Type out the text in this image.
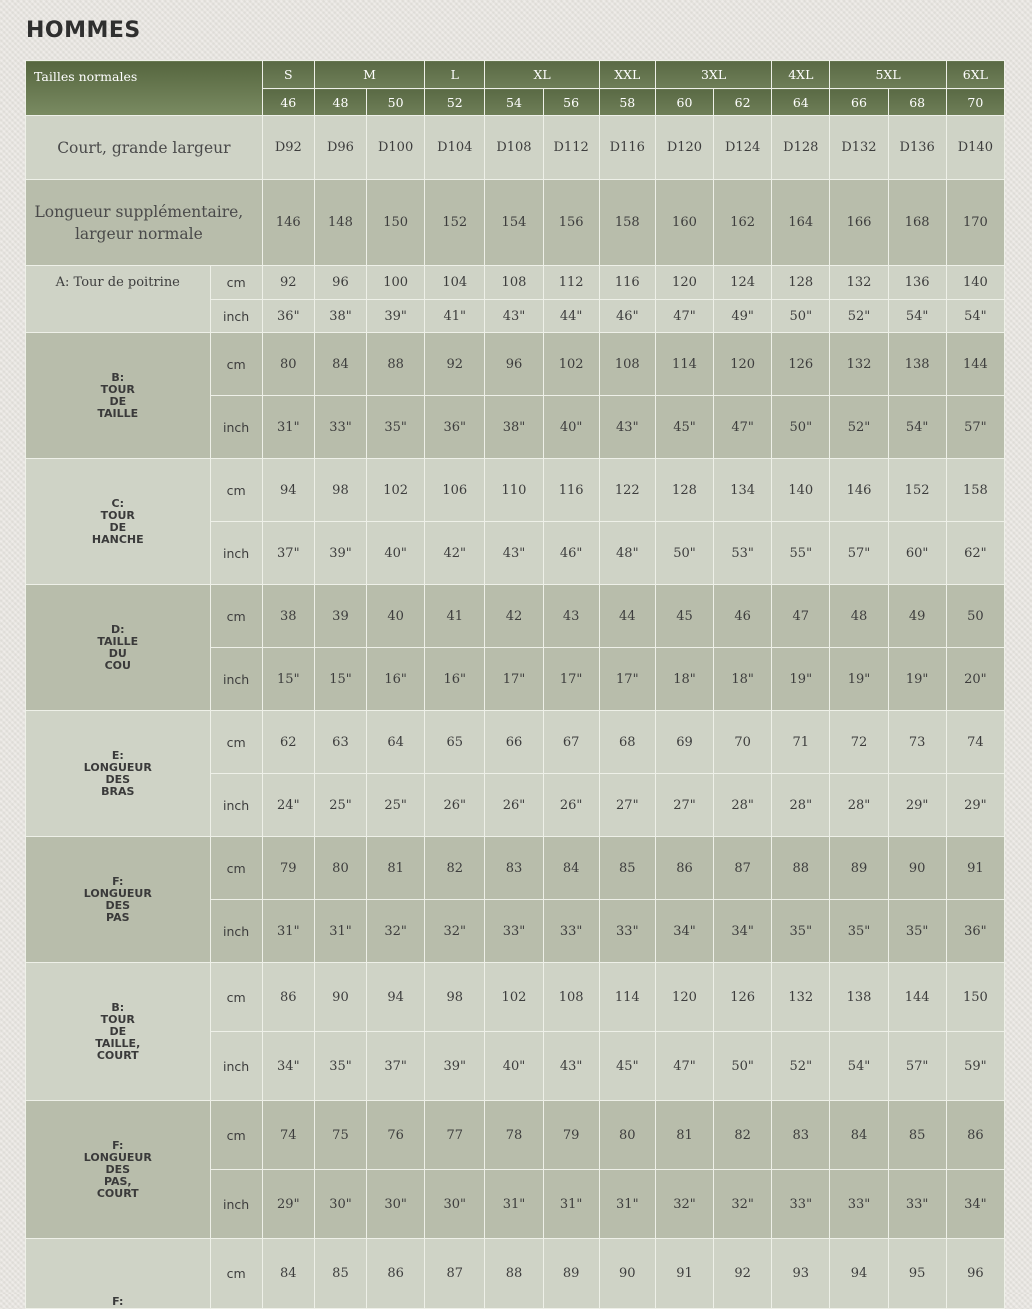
HOMMES
Tailles normales		S	M		L	XL		XXL	3XL		4XL	5XL		6XL
		46	48	50	52	54	56	58	60	62	64	66	68	70
Court, grande largeur		D92	D96	D100	D104	D108	D112	D116	D120	D124	D128	D132	D136	D140
Longueur supplémentaire, largeur normale		146	148	150	152	154	156	158	160	162	164	166	168	170
A: Tour de poitrine	cm	92	96	100	104	108	112	116	120	124	128	132	136	140
	inch	36"	38"	39"	41"	43"	44"	46"	47"	49"	50"	52"	54"	54"
B:
TOUR
DE
TAILLE	cm	80	84	88	92	96	102	108	114	120	126	132	138	144
	inch	31"	33"	35"	36"	38"	40"	43"	45"	47"	50"	52"	54"	57"
C:
TOUR
DE
HANCHE	cm	94	98	102	106	110	116	122	128	134	140	146	152	158
	inch	37"	39"	40"	42"	43"	46"	48"	50"	53"	55"	57"	60"	62"
D:
TAILLE
DU
COU	cm	38	39	40	41	42	43	44	45	46	47	48	49	50
	inch	15"	15"	16"	16"	17"	17"	17"	18"	18"	19"	19"	19"	20"
E:
LONGUEUR
DES
BRAS	cm	62	63	64	65	66	67	68	69	70	71	72	73	74
	inch	24"	25"	25"	26"	26"	26"	27"	27"	28"	28"	28"	29"	29"
F:
LONGUEUR
DES
PAS	cm	79	80	81	82	83	84	85	86	87	88	89	90	91
	inch	31"	31"	32"	32"	33"	33"	33"	34"	34"	35"	35"	35"	36"
B:
TOUR
DE
TAILLE,
COURT	cm	86	90	94	98	102	108	114	120	126	132	138	144	150
	inch	34"	35"	37"	39"	40"	43"	45"	47"	50"	52"	54"	57"	59"
F:
LONGUEUR
DES
PAS,
COURT	cm	74	75	76	77	78	79	80	81	82	83	84	85	86
	inch	29"	30"	30"	30"	31"	31"	31"	32"	32"	33"	33"	33"	34"
F:	cm	84	85	86	87	88	89	90	91	92	93	94	95	96
